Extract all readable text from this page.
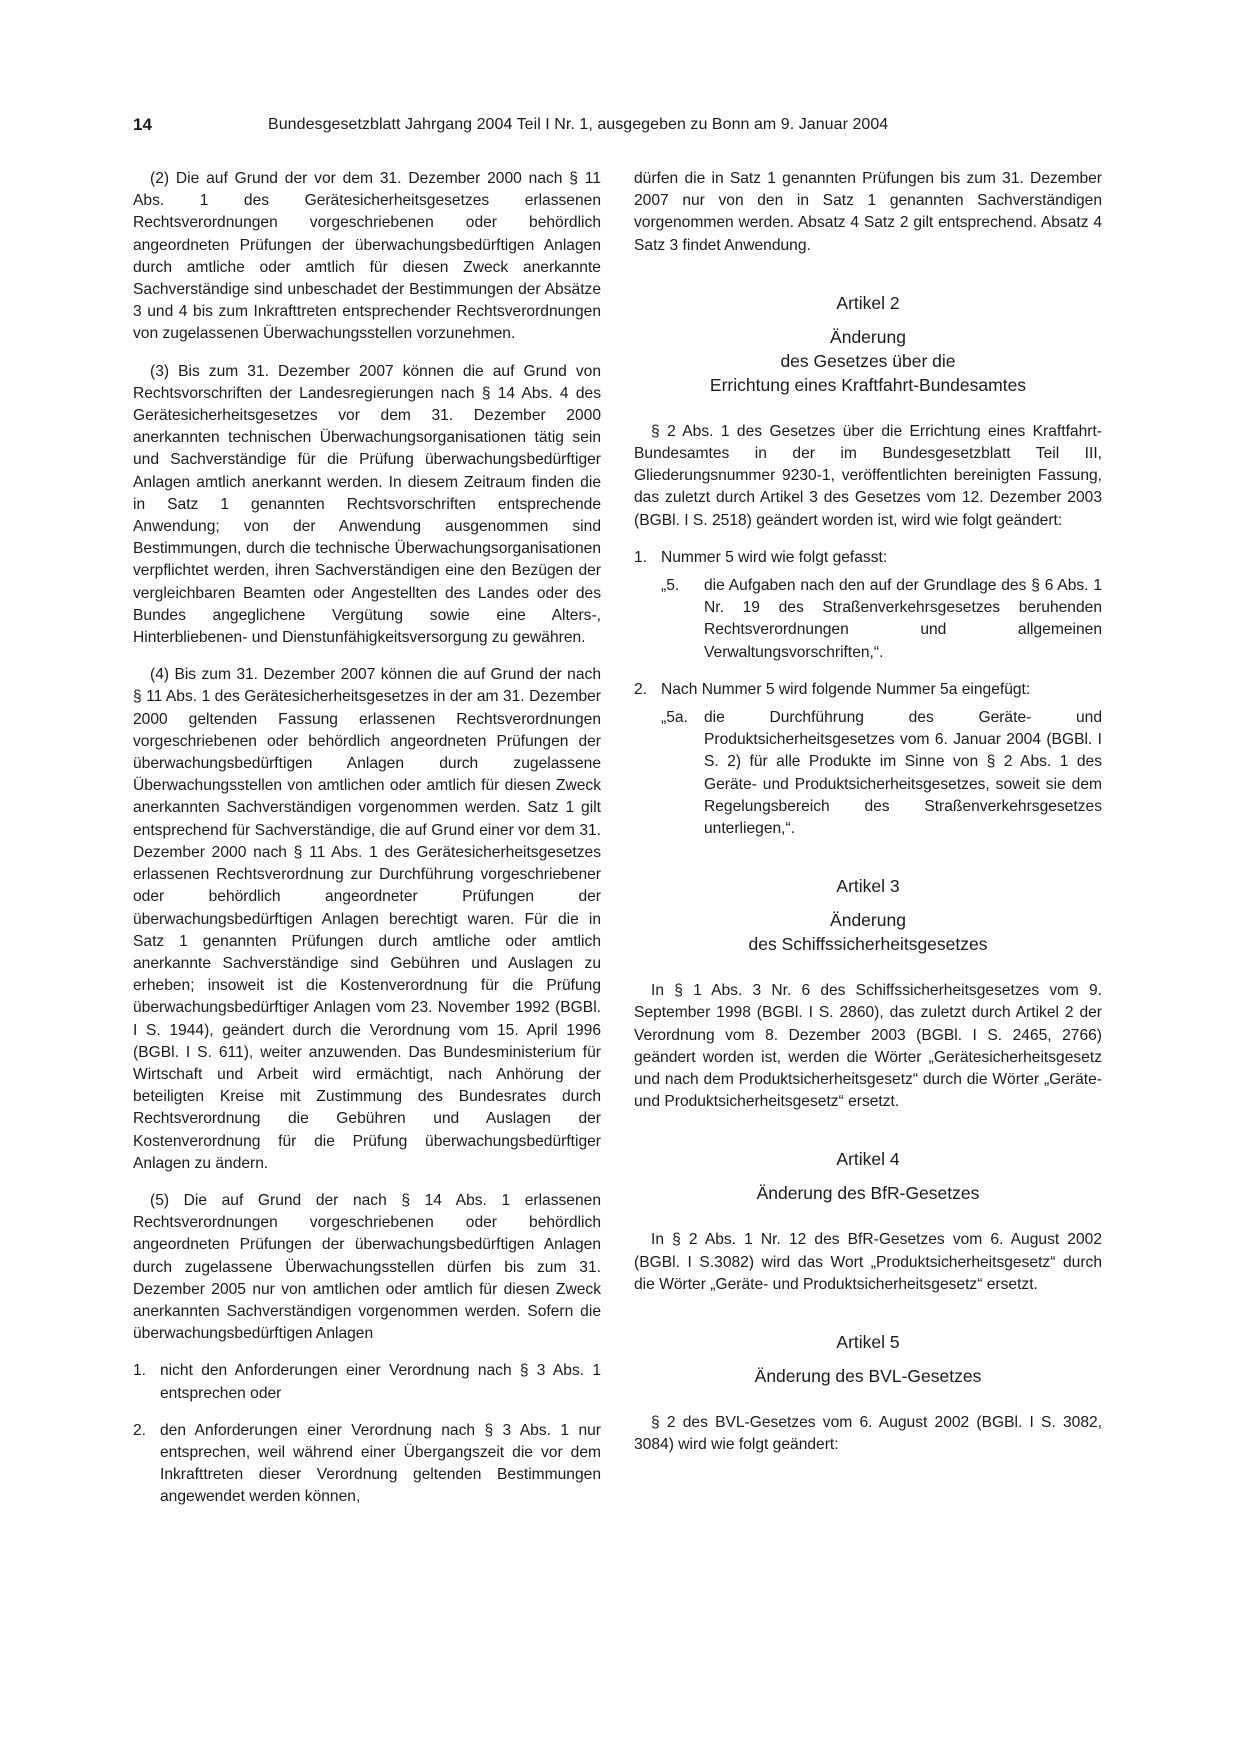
14	Bundesgesetzblatt Jahrgang 2004 Teil I Nr. 1, ausgegeben zu Bonn am 9. Januar 2004

(2) Die auf Grund der vor dem 31. Dezember 2000 nach § 11 Abs. 1 des Gerätesicherheitsgesetzes erlassenen Rechtsverordnungen vorgeschriebenen oder behördlich angeordneten Prüfungen der überwachungsbedürftigen Anlagen durch amtliche oder amtlich für diesen Zweck anerkannte Sachverständige sind unbeschadet der Bestimmungen der Absätze 3 und 4 bis zum Inkrafttreten entsprechender Rechtsverordnungen von zugelassenen Überwachungsstellen vorzunehmen.

(3) Bis zum 31. Dezember 2007 können die auf Grund von Rechtsvorschriften der Landesregierungen nach § 14 Abs. 4 des Gerätesicherheitsgesetzes vor dem 31. Dezember 2000 anerkannten technischen Überwachungsorganisationen tätig sein und Sachverständige für die Prüfung überwachungsbedürftiger Anlagen amtlich anerkannt werden. In diesem Zeitraum finden die in Satz 1 genannten Rechtsvorschriften entsprechende Anwendung; von der Anwendung ausgenommen sind Bestimmungen, durch die technische Überwachungsorganisationen verpflichtet werden, ihren Sachverständigen eine den Bezügen der vergleichbaren Beamten oder Angestellten des Landes oder des Bundes angeglichene Vergütung sowie eine Alters-, Hinterbliebenen- und Dienstunfähigkeitsversorgung zu gewähren.

(4) Bis zum 31. Dezember 2007 können die auf Grund der nach § 11 Abs. 1 des Gerätesicherheitsgesetzes in der am 31. Dezember 2000 geltenden Fassung erlassenen Rechtsverordnungen vorgeschriebenen oder behördlich angeordneten Prüfungen der überwachungsbedürftigen Anlagen durch zugelassene Überwachungsstellen von amtlichen oder amtlich für diesen Zweck anerkannten Sachverständigen vorgenommen werden. Satz 1 gilt entsprechend für Sachverständige, die auf Grund einer vor dem 31. Dezember 2000 nach § 11 Abs. 1 des Gerätesicherheitsgesetzes erlassenen Rechtsverordnung zur Durchführung vorgeschriebener oder behördlich angeordneter Prüfungen der überwachungsbedürftigen Anlagen berechtigt waren. Für die in Satz 1 genannten Prüfungen durch amtliche oder amtlich anerkannte Sachverständige sind Gebühren und Auslagen zu erheben; insoweit ist die Kostenverordnung für die Prüfung überwachungsbedürftiger Anlagen vom 23. November 1992 (BGBl. I S. 1944), geändert durch die Verordnung vom 15. April 1996 (BGBl. I S. 611), weiter anzuwenden. Das Bundesministerium für Wirtschaft und Arbeit wird ermächtigt, nach Anhörung der beteiligten Kreise mit Zustimmung des Bundesrates durch Rechtsverordnung die Gebühren und Auslagen der Kostenverordnung für die Prüfung überwachungsbedürftiger Anlagen zu ändern.

(5) Die auf Grund der nach § 14 Abs. 1 erlassenen Rechtsverordnungen vorgeschriebenen oder behördlich angeordneten Prüfungen der überwachungsbedürftigen Anlagen durch zugelassene Überwachungsstellen dürfen bis zum 31. Dezember 2005 nur von amtlichen oder amtlich für diesen Zweck anerkannten Sachverständigen vorgenommen werden. Sofern die überwachungsbedürftigen Anlagen

1. nicht den Anforderungen einer Verordnung nach § 3 Abs. 1 entsprechen oder
2. den Anforderungen einer Verordnung nach § 3 Abs. 1 nur entsprechen, weil während einer Übergangszeit die vor dem Inkrafttreten dieser Verordnung geltenden Bestimmungen angewendet werden können,

dürfen die in Satz 1 genannten Prüfungen bis zum 31. Dezember 2007 nur von den in Satz 1 genannten Sachverständigen vorgenommen werden. Absatz 4 Satz 2 gilt entsprechend. Absatz 4 Satz 3 findet Anwendung.

Artikel 2
Änderung
des Gesetzes über die
Errichtung eines Kraftfahrt-Bundesamtes

§ 2 Abs. 1 des Gesetzes über die Errichtung eines Kraftfahrt-Bundesamtes in der im Bundesgesetzblatt Teil III, Gliederungsnummer 9230-1, veröffentlichten bereinigten Fassung, das zuletzt durch Artikel 3 des Gesetzes vom 12. Dezember 2003 (BGBl. I S. 2518) geändert worden ist, wird wie folgt geändert:

1. Nummer 5 wird wie folgt gefasst:
„5. die Aufgaben nach den auf der Grundlage des § 6 Abs. 1 Nr. 19 des Straßenverkehrsgesetzes beruhenden Rechtsverordnungen und allgemeinen Verwaltungsvorschriften,“.
2. Nach Nummer 5 wird folgende Nummer 5a eingefügt:
„5a. die Durchführung des Geräte- und Produktsicherheitsgesetzes vom 6. Januar 2004 (BGBl. I S. 2) für alle Produkte im Sinne von § 2 Abs. 1 des Geräte- und Produktsicherheitsgesetzes, soweit sie dem Regelungsbereich des Straßenverkehrsgesetzes unterliegen,“.
Artikel 3
Änderung
des Schiffssicherheitsgesetzes

In § 1 Abs. 3 Nr. 6 des Schiffssicherheitsgesetzes vom 9. September 1998 (BGBl. I S. 2860), das zuletzt durch Artikel 2 der Verordnung vom 8. Dezember 2003 (BGBl. I S. 2465, 2766) geändert worden ist, werden die Wörter „Gerätesicherheitsgesetz und nach dem Produktsicherheitsgesetz“ durch die Wörter „Geräte- und Produktsicherheitsgesetz“ ersetzt.

Artikel 4
Änderung des BfR-Gesetzes

In § 2 Abs. 1 Nr. 12 des BfR-Gesetzes vom 6. August 2002 (BGBl. I S.3082) wird das Wort „Produktsicherheitsgesetz“ durch die Wörter „Geräte- und Produktsicherheitsgesetz“ ersetzt.

Artikel 5
Änderung des BVL-Gesetzes

§ 2 des BVL-Gesetzes vom 6. August 2002 (BGBl. I S. 3082, 3084) wird wie folgt geändert:
